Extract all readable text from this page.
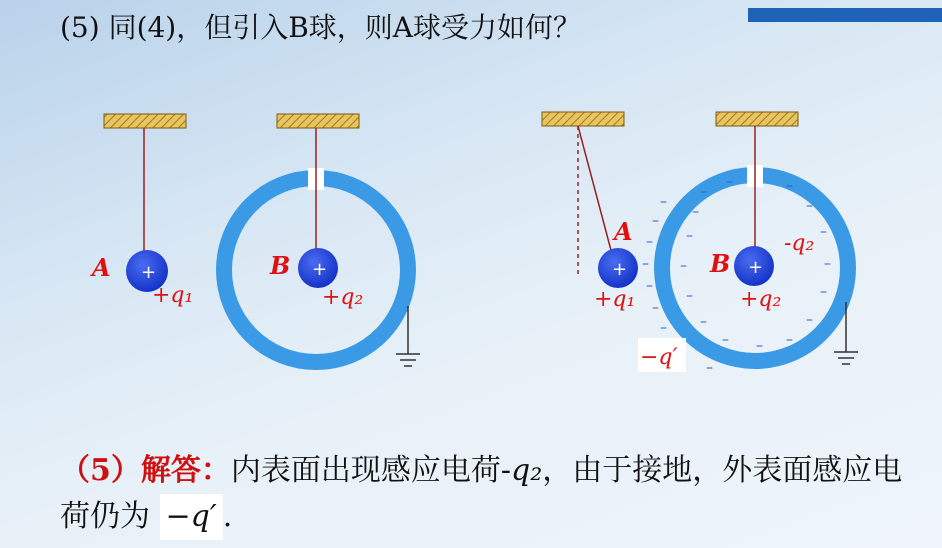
(5) 同(4)，但引入B球，则A球受力如何？
+
A
+q₁
+
B
+q₂
+
A
+q₁
–
–
–
–
–
–
–
–
+
B
+q₂
-q₂
–
–	–
–
–
–
–
–
–
–
–
–
–
–
–
–
−q′
（5）解答：内表面出现感应电荷-q₂，由于接地，外表面感应电荷仍为 −q′ .
